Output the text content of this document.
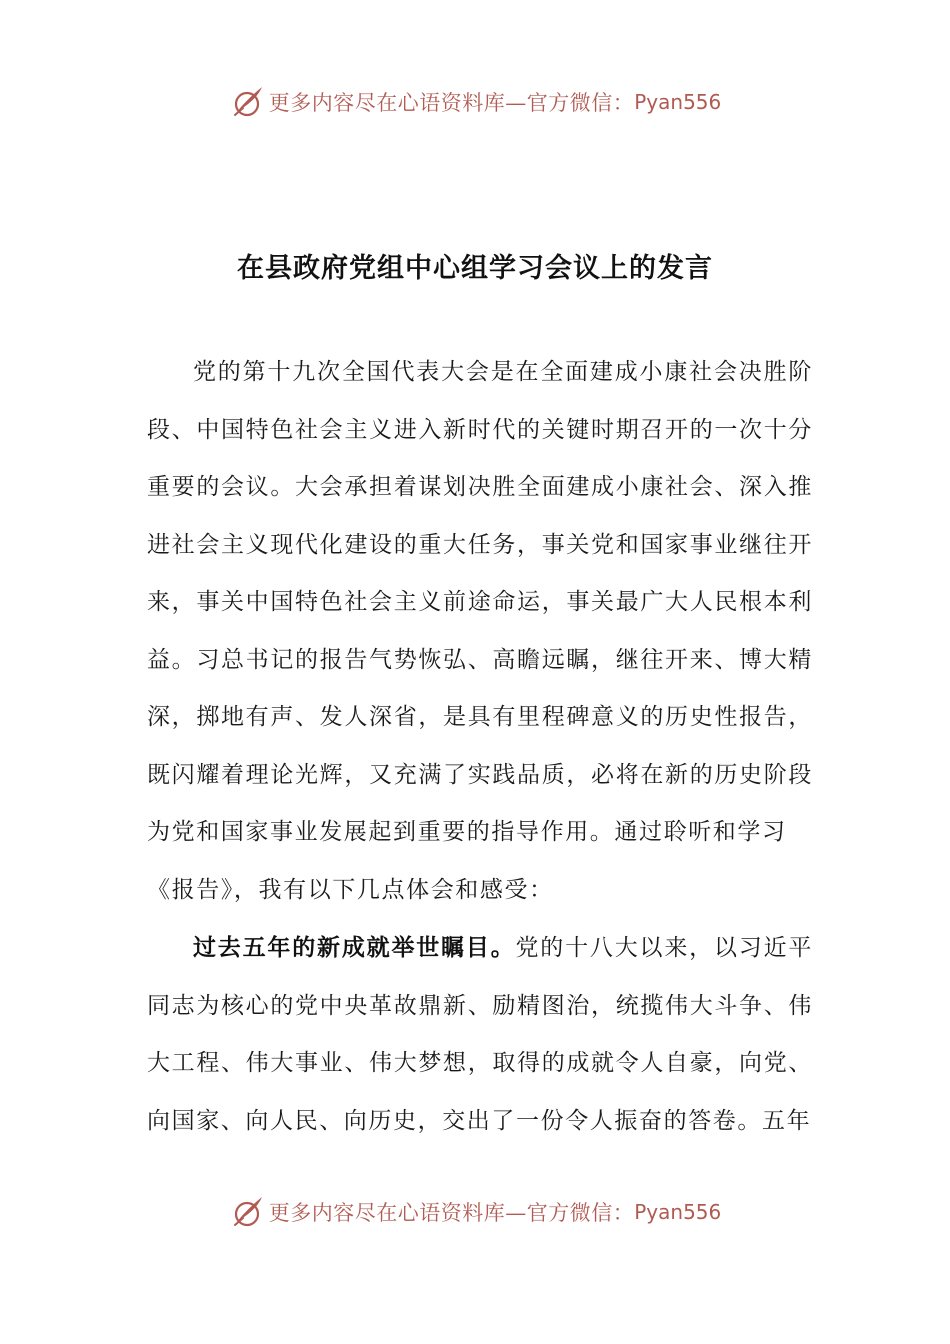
更多内容尽在心语资料库—官方微信： Pyan556
在县政府党组中心组学习会议上的发言

党的第十九次全国代表大会是在全面建成小康社会决胜阶段、中国特色社会主义进入新时代的关键时期召开的一次十分重要的会议。大会承担着谋划决胜全面建成小康社会、深入推进社会主义现代化建设的重大任务，事关党和国家事业继往开来，事关中国特色社会主义前途命运，事关最广大人民根本利益。习总书记的报告气势恢弘、高瞻远瞩，继往开来、博大精深，掷地有声、发人深省，是具有里程碑意义的历史性报告，既闪耀着理论光辉，又充满了实践品质，必将在新的历史阶段为党和国家事业发展起到重要的指导作用。通过聆听和学习

《报告》，我有以下几点体会和感受：

过去五年的新成就举世瞩目。党的十八大以来，以习近平同志为核心的党中央革故鼎新、励精图治，统揽伟大斗争、伟大工程、伟大事业、伟大梦想，取得的成就令人自豪，向党、向国家、向人民、向历史，交出了一份令人振奋的答卷。五年

更多内容尽在心语资料库—官方微信： Pyan556
